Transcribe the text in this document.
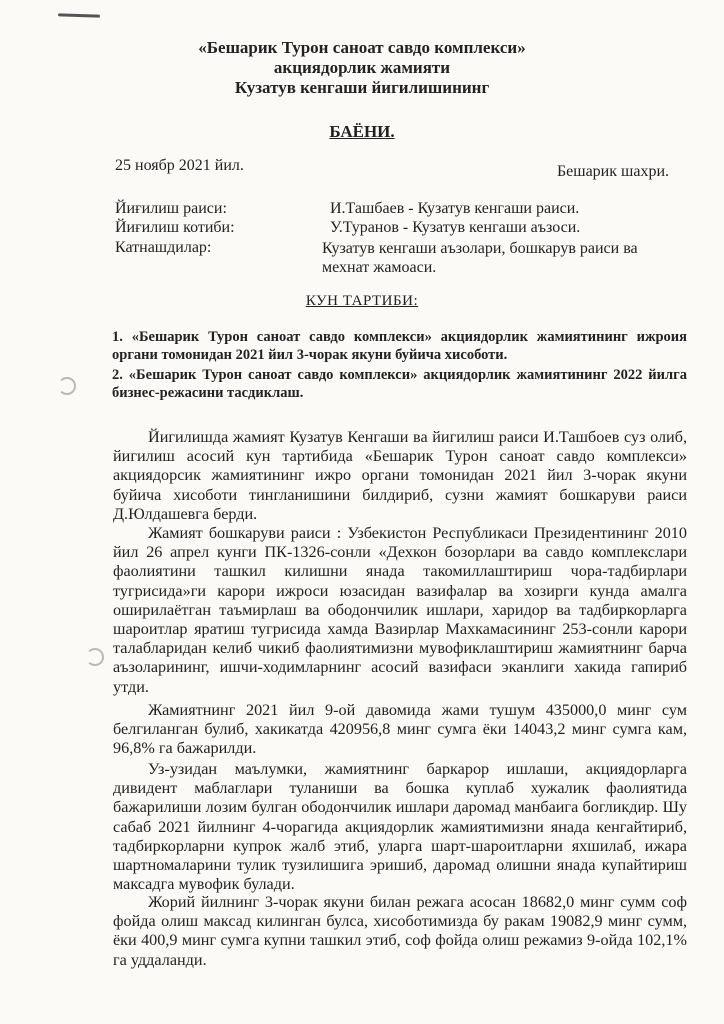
«Бешарик Турон саноат савдо комплекси»
акциядорлик жамияти
Кузатув кенгаши йигилишининг
БАЁНИ.
25 ноябр 2021 йил.	Бешарик шахри.
Йиғилиш раиси:	И.Ташбаев - Кузатув кенгаши раиси.
Йиғилиш котиби:	У.Туранов - Кузатув кенгаши аъзоси.
Катнашдилар:	Кузатув кенгаши аъзолари, бошкарув раиси ва
мехнат жамоаси.
КУН ТАРТИБИ:
1. «Бешарик Турон саноат савдо комплекси» акциядорлик жамиятининг ижроия органи томонидан 2021 йил 3-чорак якуни буйича хисоботи.
2. «Бешарик Турон саноат савдо комплекси» акциядорлик жамиятининг 2022 йилга бизнес-режасини тасдиклаш.
Йигилишда жамият Кузатув Кенгаши ва йигилиш раиси И.Ташбоев суз олиб, йигилиш асосий кун тартибида «Бешарик Турон саноат савдо комплекси» акциядорсик жамиятининг ижро органи томонидан 2021 йил 3-чорак якуни буйича хисоботи тингланишини билдириб, сузни жамият бошкаруви раиси Д.Юлдашевга берди.
Жамият бошкаруви раиси : Узбекистон Республикаси Президентининг 2010 йил 26 апрел кунги ПК-1326-сонли «Дехкон бозорлари ва савдо комплекслари фаолиятини ташкил килишни янада такомиллаштириш чора-тадбирлари тугрисида»ги карори ижроси юзасидан вазифалар ва хозирги кунда амалга оширилаётган таъмирлаш ва ободончилик ишлари, харидор ва тадбиркорларга шароитлар яратиш тугрисида хамда Вазирлар Махкамасининг 253-сонли карори талабларидан келиб чикиб фаолиятимизни мувофиклаштириш жамиятнинг барча аъзоларининг, ишчи-ходимларнинг асосий вазифаси эканлиги хакида гапириб утди.
Жамиятнинг 2021 йил 9-ой давомида жами тушум 435000,0 минг сум белгиланган булиб, хакикатда 420956,8 минг сумга ёки 14043,2 минг сумга кам, 96,8% га бажарилди.
Уз-узидан маълумки, жамиятнинг баркарор ишлаши, акциядорларга дивидент маблаглари туланиши ва бошка куплаб хужалик фаолиятида бажарилиши лозим булган ободончилик ишлари даромад манбаига богликдир. Шу сабаб 2021 йилнинг 4-чорагида акциядорлик жамиятимизни янада кенгайтириб, тадбиркорларни купрок жалб этиб, уларга шарт-шароитларни яхшилаб, ижара шартномаларини тулик тузилишига эришиб, даромад олишни янада купайтириш максадга мувофик булади.
Жорий йилнинг 3-чорак якуни билан режага асосан 18682,0 минг сумм соф фойда олиш максад килинган булса, хисоботимизда бу ракам 19082,9 минг сумм, ёки 400,9 минг сумга купни ташкил этиб, соф фойда олиш режамиз 9-ойда 102,1% га уддаланди.
